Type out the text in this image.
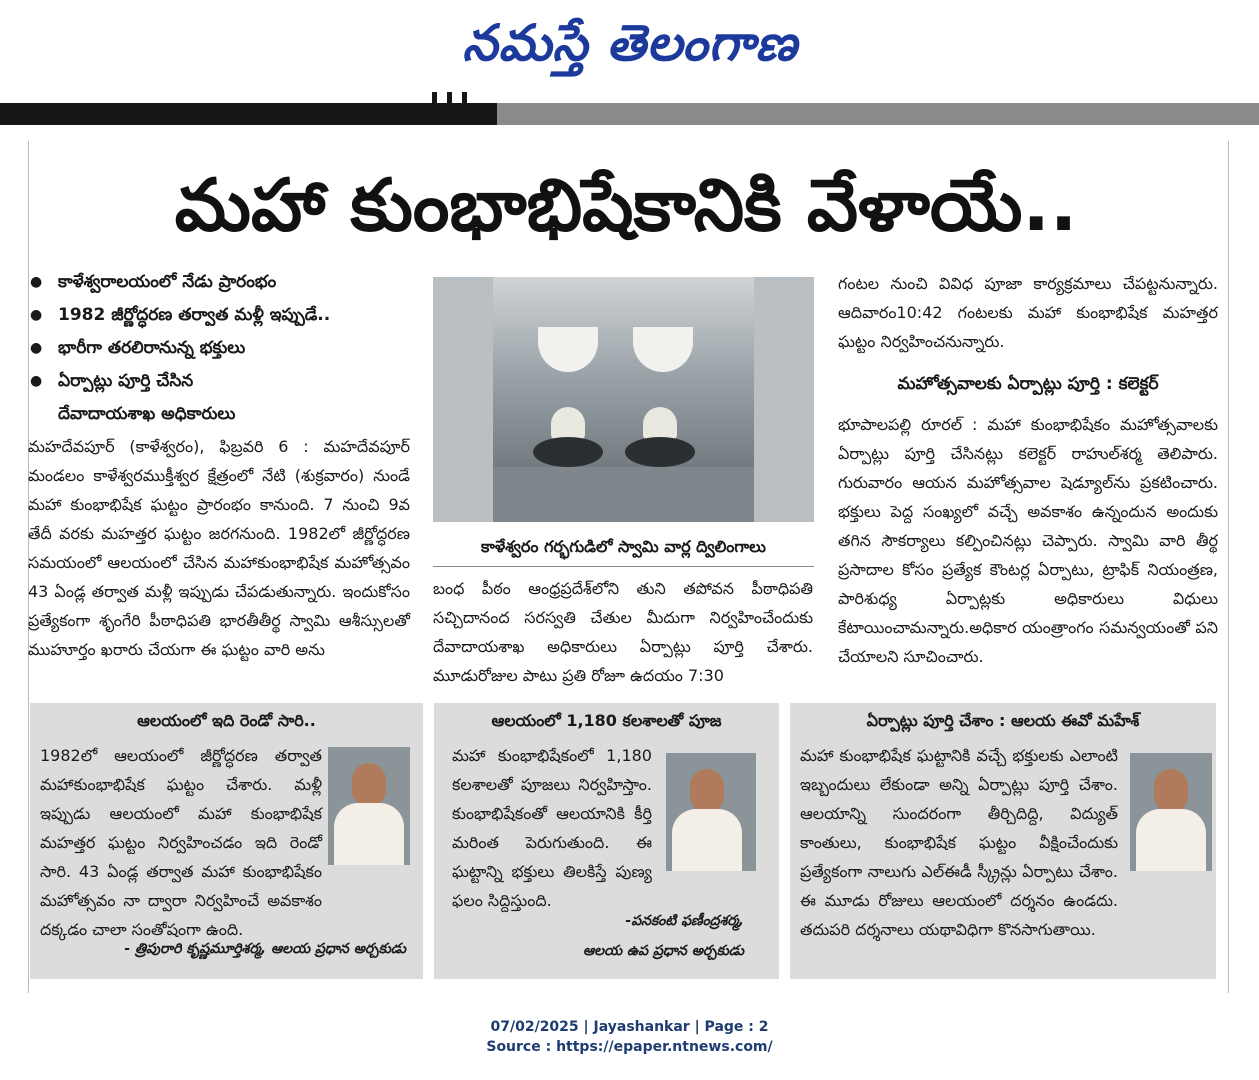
నమస్తే తెలంగాణ
మహా కుంభాభిషేకానికి వేళాయే..
● కాళేశ్వరాలయంలో నేడు ప్రారంభం
● 1982 జీర్ణోద్ధరణ తర్వాత మళ్లీ ఇప్పుడే..
● భారీగా తరలిరానున్న భక్తులు
● ఏర్పాట్లు పూర్తి చేసిన
దేవాదాయశాఖ అధికారులు

మహదేవపూర్ (కాళేశ్వరం), ఫిబ్రవరి 6 : మహదేవపూర్ మండలం కాళేశ్వరముక్తీశ్వర క్షేత్రంలో నేటి (శుక్రవారం) నుండే మహా కుంభాభిషేక ఘట్టం ప్రారంభం కానుంది. 7 నుంచి 9వ తేదీ వరకు మహత్తర ఘట్టం జరగనుంది. 1982లో జీర్ణోద్ధరణ సమయంలో ఆలయంలో చేసిన మహాకుంభాభిషేక మహోత్సవం 43 ఏండ్ల తర్వాత మళ్లీ ఇప్పుడు చేపడుతున్నారు. ఇందుకోసం ప్రత్యేకంగా శృంగేరి పీఠాధిపతి భారతీతీర్థ స్వామి ఆశీస్సులతో ముహూర్తం ఖరారు చేయగా ఈ ఘట్టం వారి అను

కాళేశ్వరం గర్భగుడిలో స్వామి వార్ల ద్విలింగాలు

బంధ పీఠం ఆంధ్రప్రదేశ్‌లోని తుని తపోవన పీఠాధిపతి సచ్చిదానంద సరస్వతి చేతుల మీదుగా నిర్వహించేందుకు దేవాదాయశాఖ అధికారులు ఏర్పాట్లు పూర్తి చేశారు. మూడురోజుల పాటు ప్రతి రోజూ ఉదయం 7:30

గంటల నుంచి వివిధ పూజా కార్యక్రమాలు చేపట్టనున్నారు. ఆదివారం10:42 గంటలకు మహా కుంభాభిషేక మహత్తర ఘట్టం నిర్వహించనున్నారు.

మహోత్సవాలకు ఏర్పాట్లు పూర్తి : కలెక్టర్

భూపాలపల్లి రూరల్ : మహా కుంభాభిషేకం మహోత్సవాలకు ఏర్పాట్లు పూర్తి చేసినట్లు కలెక్టర్ రాహుల్‌శర్మ తెలిపారు. గురువారం ఆయన మహోత్సవాల షెడ్యూల్‌ను ప్రకటించారు. భక్తులు పెద్ద సంఖ్యలో వచ్చే అవకాశం ఉన్నందున అందుకు తగిన సౌకర్యాలు కల్పించినట్లు చెప్పారు. స్వామి వారి తీర్థ ప్రసాదాల కోసం ప్రత్యేక కౌంటర్ల ఏర్పాటు, ట్రాఫిక్ నియంత్రణ, పారిశుధ్య ఏర్పాట్లకు అధికారులు విధులు కేటాయించామన్నారు.అధికార యంత్రాంగం సమన్వయంతో పని చేయాలని సూచించారు.

ఆలయంలో ఇది రెండో సారి..
1982లో ఆలయంలో జీర్ణోద్ధరణ తర్వాత మహాకుంభాభిషేక ఘట్టం చేశారు. మళ్లీ ఇప్పుడు ఆలయంలో మహా కుంభాభిషేక మహత్తర ఘట్టం నిర్వహించడం ఇది రెండో సారి. 43 ఏండ్ల తర్వాత మహా కుంభాభిషేకం మహోత్సవం నా ద్వారా నిర్వహించే అవకాశం దక్కడం చాలా సంతోషంగా ఉంది.
- త్రిపురారి కృష్ణమూర్తిశర్మ, ఆలయ ప్రధాన అర్చకుడు
ఆలయంలో 1,180 కలశాలతో పూజ
మహా కుంభాభిషేకంలో 1,180 కలశాలతో పూజలు నిర్వహిస్తాం. కుంభాభిషేకంతో ఆలయానికి కీర్తి మరింత పెరుగుతుంది. ఈ ఘట్టాన్ని భక్తులు తిలకిస్తే పుణ్య ఫలం సిద్దిస్తుంది.
-పనకంటి ఫణీంద్రశర్మ,
ఆలయ ఉప ప్రధాన అర్చకుడు
ఏర్పాట్లు పూర్తి చేశాం : ఆలయ ఈవో మహేశ్
మహా కుంభాభిషేక ఘట్టానికి వచ్చే భక్తులకు ఎలాంటి ఇబ్బందులు లేకుండా అన్ని ఏర్పాట్లు పూర్తి చేశాం. ఆలయాన్ని సుందరంగా తీర్చిదిద్ది, విద్యుత్ కాంతులు, కుంభాభిషేక ఘట్టం వీక్షించేందుకు ప్రత్యేకంగా నాలుగు ఎల్ఈడీ స్క్రీన్లు ఏర్పాటు చేశాం. ఈ మూడు రోజులు ఆలయంలో దర్శనం ఉండదు. తదుపరి దర్శనాలు యథావిధిగా కొనసాగుతాయి.
07/02/2025 | Jayashankar | Page : 2
Source : https://epaper.ntnews.com/
